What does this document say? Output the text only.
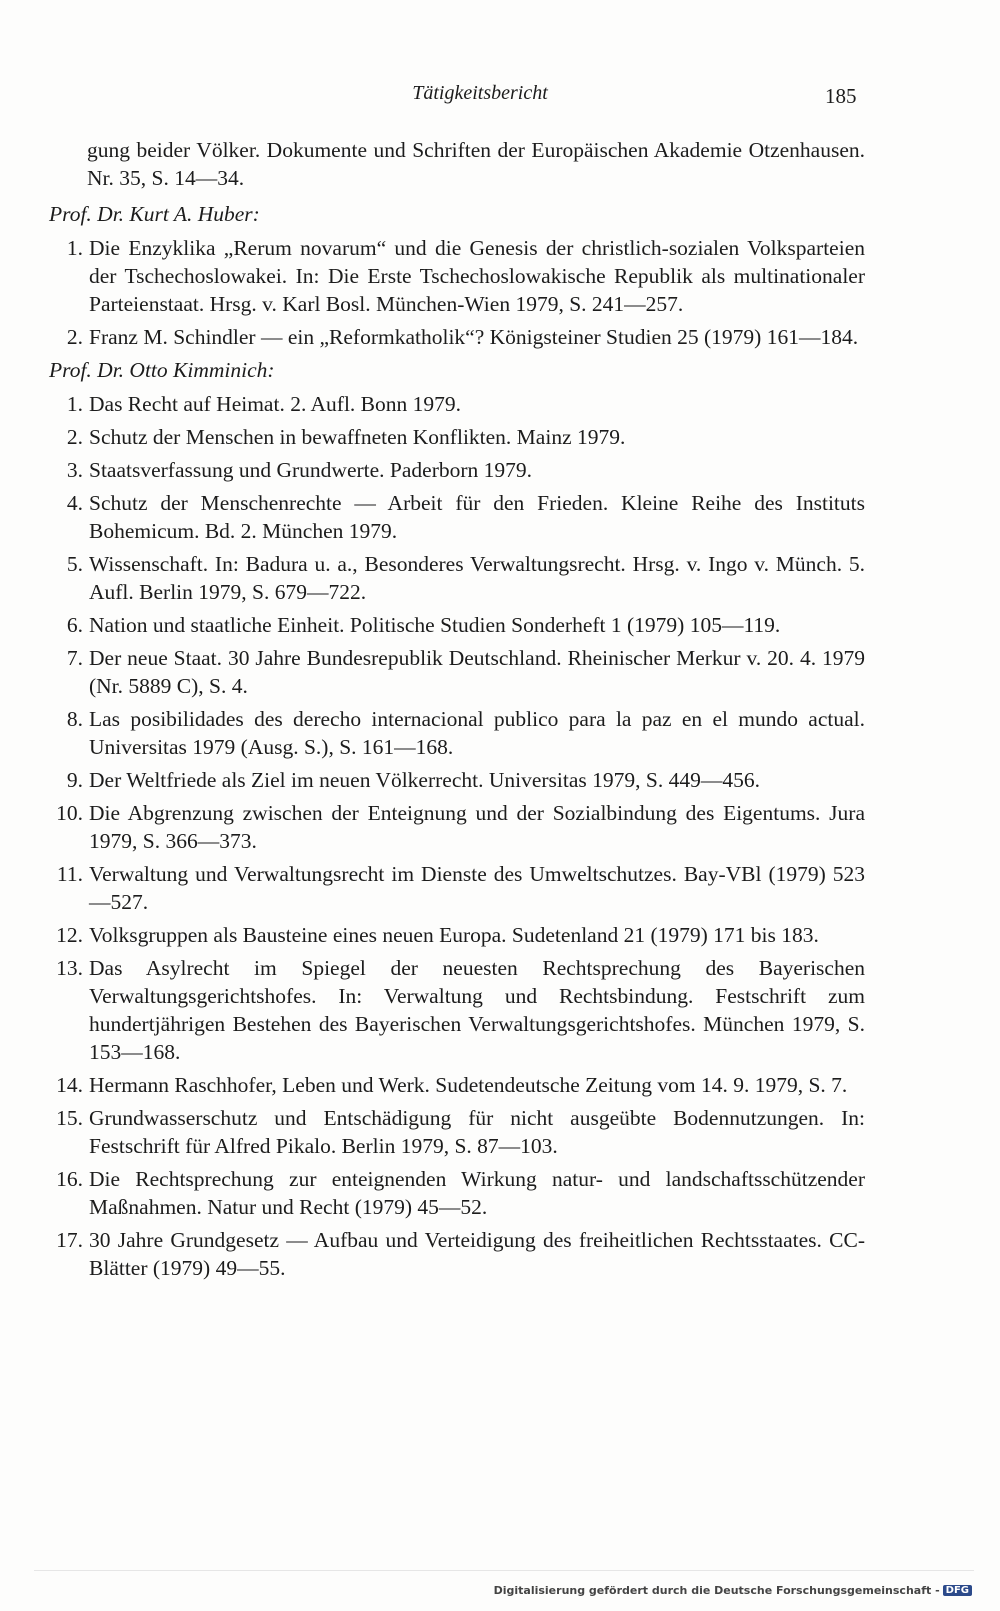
Tätigkeitsbericht	185
gung beider Völker. Dokumente und Schriften der Europäischen Akademie Otzenhausen. Nr. 35, S. 14—34.
Prof. Dr. Kurt A. Huber:
1. Die Enzyklika „Rerum novarum“ und die Genesis der christlich-sozialen Volksparteien der Tschechoslowakei. In: Die Erste Tschechoslowakische Republik als multinationaler Parteienstaat. Hrsg. v. Karl Bosl. München-Wien 1979, S. 241—257.
2. Franz M. Schindler — ein „Reformkatholik“? Königsteiner Studien 25 (1979) 161—184.
Prof. Dr. Otto Kimminich:
1. Das Recht auf Heimat. 2. Aufl. Bonn 1979.
2. Schutz der Menschen in bewaffneten Konflikten. Mainz 1979.
3. Staatsverfassung und Grundwerte. Paderborn 1979.
4. Schutz der Menschenrechte — Arbeit für den Frieden. Kleine Reihe des Instituts Bohemicum. Bd. 2. München 1979.
5. Wissenschaft. In: Badura u. a., Besonderes Verwaltungsrecht. Hrsg. v. Ingo v. Münch. 5. Aufl. Berlin 1979, S. 679—722.
6. Nation und staatliche Einheit. Politische Studien Sonderheft 1 (1979) 105—119.
7. Der neue Staat. 30 Jahre Bundesrepublik Deutschland. Rheinischer Merkur v. 20. 4. 1979 (Nr. 5889 C), S. 4.
8. Las posibilidades des derecho internacional publico para la paz en el mundo actual. Universitas 1979 (Ausg. S.), S. 161—168.
9. Der Weltfriede als Ziel im neuen Völkerrecht. Universitas 1979, S. 449—456.
10. Die Abgrenzung zwischen der Enteignung und der Sozialbindung des Eigentums. Jura 1979, S. 366—373.
11. Verwaltung und Verwaltungsrecht im Dienste des Umweltschutzes. Bay-VBl (1979) 523—527.
12. Volksgruppen als Bausteine eines neuen Europa. Sudetenland 21 (1979) 171 bis 183.
13. Das Asylrecht im Spiegel der neuesten Rechtsprechung des Bayerischen Verwaltungsgerichtshofes. In: Verwaltung und Rechtsbindung. Festschrift zum hundertjährigen Bestehen des Bayerischen Verwaltungsgerichtshofes. München 1979, S. 153—168.
14. Hermann Raschhofer, Leben und Werk. Sudetendeutsche Zeitung vom 14. 9. 1979, S. 7.
15. Grundwasserschutz und Entschädigung für nicht ausgeübte Bodennutzungen. In: Festschrift für Alfred Pikalo. Berlin 1979, S. 87—103.
16. Die Rechtsprechung zur enteignenden Wirkung natur- und landschaftsschützender Maßnahmen. Natur und Recht (1979) 45—52.
17. 30 Jahre Grundgesetz — Aufbau und Verteidigung des freiheitlichen Rechtsstaates. CC-Blätter (1979) 49—55.
Digitalisierung gefördert durch die Deutsche Forschungsgemeinschaft - DFG
